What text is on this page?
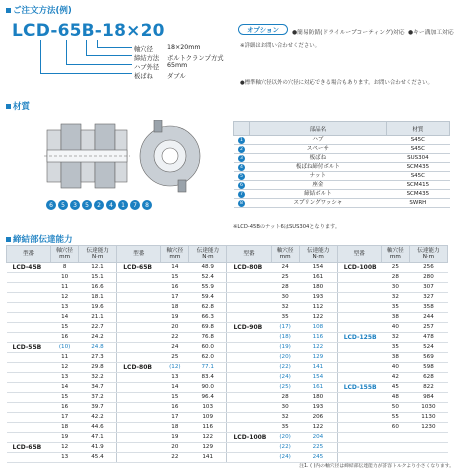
ご注文方法(例)
LCD-65B-18×20
軸穴径	18×20mm
締結方法	ボルトクランプ方式
ハブ外径	65mm
板ばね	ダブル
オプション	●簡易防錆(ドライループコーティング)対応 ●キー溝加工対応
※詳細はお問い合わせください。
●標準軸穴径以外の穴径に対応できる場合もあります。お問い合わせください。
材質
6 5 3 5 2 4 1 7 8
	部品名	材質
1	ハブ	S45C
2	スペーサ	S45C
3	板ばね	SUS304
4	板ばね締付ボルト	SCM435
5	ナット	S45C
6	座金	SCM415
7	締結ボルト	SCM435
8	スプリングワッシャ	SWRH
※LCD-45Bのナット6はSUS304となります。
締結部伝達能力
型番	軸穴径
mm	伝達能力
N·m	型番	軸穴径
mm	伝達能力
N·m	型番	軸穴径
mm	伝達能力
N·m	型番	軸穴径
mm	伝達能力
N·m
LCD-45B	8	12.1	LCD-65B	14	48.9	LCD-80B	24	154	LCD-100B	25	256
	10	15.1		15	52.4		25	161		28	280
	11	16.6		16	55.9		28	180		30	307
	12	18.1		17	59.4		30	193		32	327
	13	19.6		18	62.8		32	112		35	358
	14	21.1		19	66.3		35	122		38	244
	15	22.7		20	69.8	LCD-90B	(17)	108		40	257
	16	24.2		22	76.8		(18)	116	LCD-125B	32	478
LCD-55B	(10)	24.8		24	60.0		(19)	122		35	524
	11	27.3		25	62.0		(20)	129		38	569
	12	29.8	LCD-80B	(12)	77.1		(22)	141		40	598
	13	32.2		13	83.4		(24)	154		42	628
	14	34.7		14	90.0		(25)	161	LCD-155B	45	822
	15	37.2		15	96.4		28	180		48	984
	16	39.7		16	103		30	193		50	1030
	17	42.2		17	109		32	206		55	1130
	18	44.6		18	116		35	122		60	1230
	19	47.1		19	122	LCD-100B	(20)	204			
LCD-65B	12	41.9		20	129		(22)	225			
	13	45.4		22	141		(24)	245			
注1. ( )内の軸穴径は締結部伝達能力が許容トルクより小さくなります。
